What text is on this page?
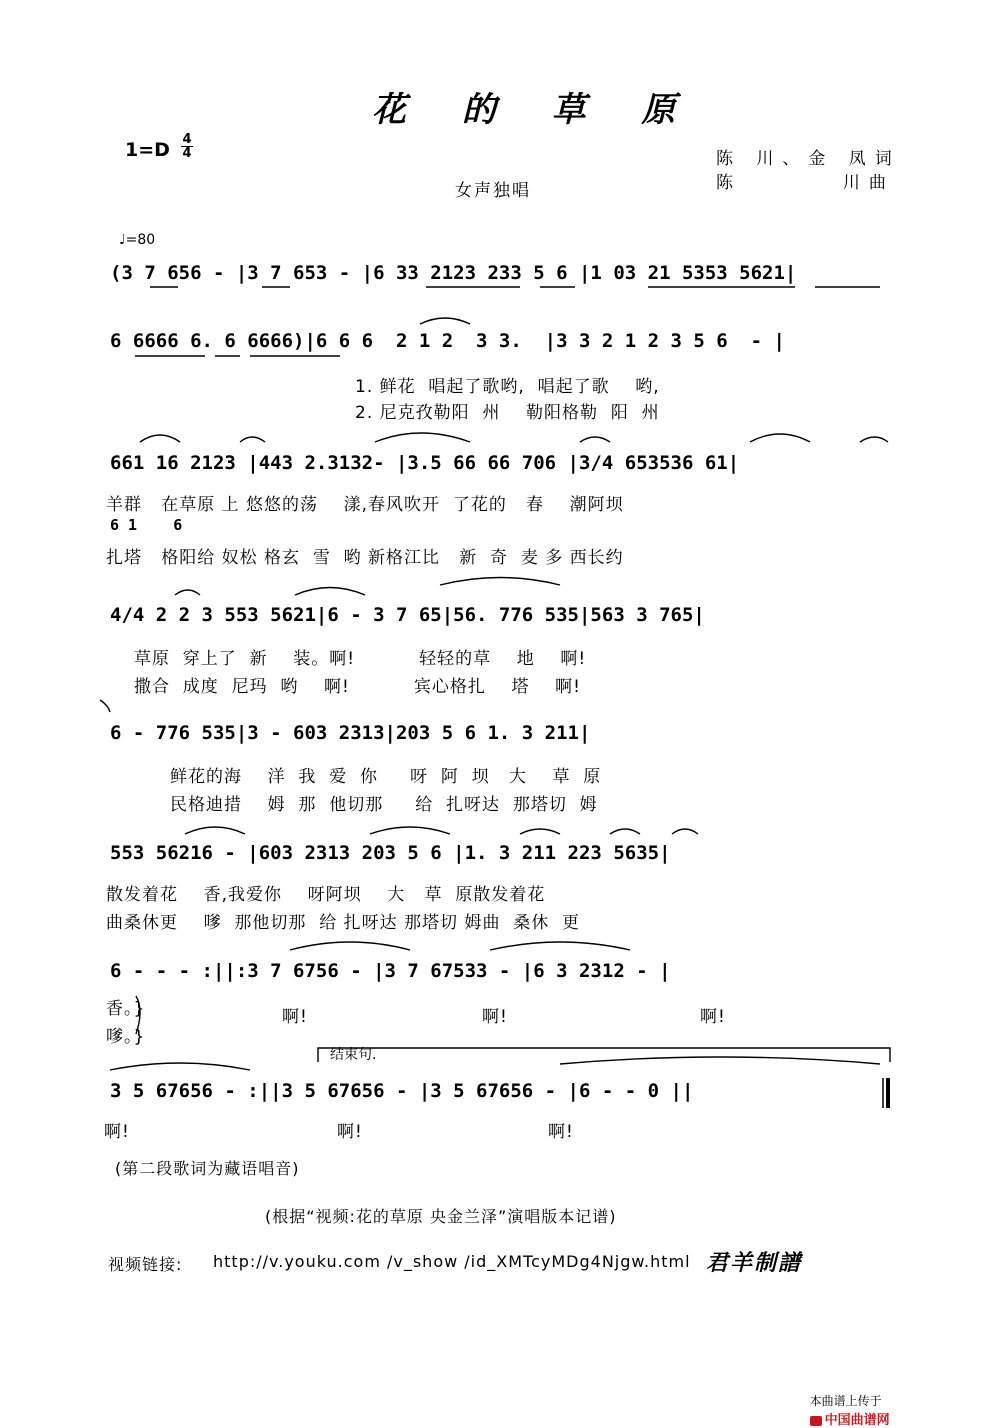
花 的 草 原
$1=D \frac{4}{4}$	陈 川、金 凤词
陈       川曲
女声独唱
♩=80
(3 7 656 - |3 7 653 - |6 33 2123 233 5 6 |1 03 21 5353 5621|
6 6666 6. 6 6666)|6 6 6  2 1 2  3 3.  |3 3 2 1 2 3 5 6  - |
1. 鲜花  唱起了歌哟,  唱起了歌    哟,
2. 尼克孜勒阳  州    勒阳格勒  阳  州
661 16 2123 |443 2.3132- |3.5 66 66 706 |3/4 653536 61|
羊群   在草原 上 悠悠的荡    漾,春风吹开  了花的   春    潮阿坝
6 1    6
扎塔   格阳给 奴松 格玄  雪  哟 新格江比   新  奇  麦 多 西长约
4/4 2 2 3 553 5621|6 - 3 7 65|56. 776 535|563 3 765|
草原  穿上了  新    装。啊!          轻轻的草    地    啊!
撒合  成度  尼玛  哟    啊!          宾心格扎    塔    啊!
6 - 776 535|3 - 603 2313|203 5 6 1. 3 211|
鲜花的海    洋  我  爱  你     呀  阿  坝   大    草  原
民格迪措    姆  那  他切那     给  扎呀达  那塔切  姆
553 56216 - |603 2313 203 5 6 |1. 3 211 223 5635|
散发着花    香,我爱你    呀阿坝    大   草  原散发着花
曲桑休更    嗲  那他切那  给 扎呀达 那塔切 姆曲  桑休  更
6 - - - :||:3 7 6756 - |3 7 67533 - |6 3 2312 - |
香。}
嗲。}
啊!	啊!	啊!
结束句.
3 5 67656 - :||3 5 67656 - |3 5 67656 - |6 - - 0 ||
啊!	啊!	啊!
(第二段歌词为藏语唱音)
(根据“视频:花的草原 央金兰泽”演唱版本记谱)
视频链接: http://v.youku.com /v_show /id_XMTcyMDg4Njgw.html 君羊制譜

本曲谱上传于
中国曲谱网
